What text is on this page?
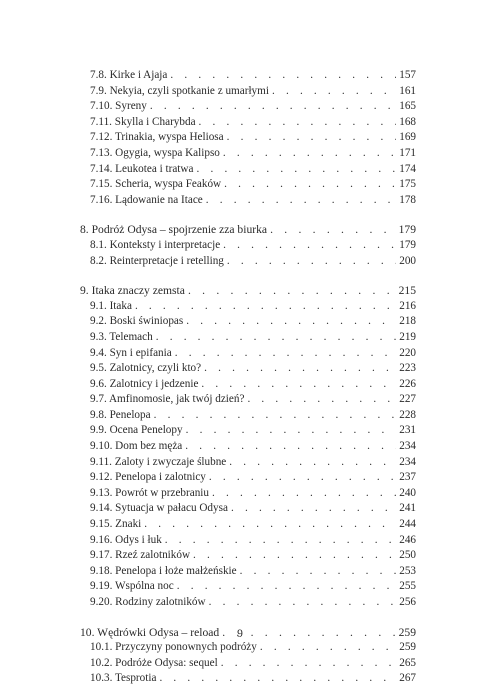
7.8. Kirke i Ajaja . . .	157
7.9. Nekyia, czyli spotkanie z umarłymi . . .	161
7.10. Syreny . . .	165
7.11. Skylla i Charybda . . .	168
7.12. Trinakia, wyspa Heliosa . . .	169
7.13. Ogygia, wyspa Kalipso . . .	171
7.14. Leukotea i tratwa . . .	174
7.15. Scheria, wyspa Feaków . . .	175
7.16. Lądowanie na Itace . . .	178
8. Podróż Odysa – spojrzenie zza biurka . . .	179
8.1. Konteksty i interpretacje . . .	179
8.2. Reinterpretacje i retelling . . .	200
9. Itaka znaczy zemsta . . .	215
9.1. Itaka . . .	216
9.2. Boski świniopas . . .	218
9.3. Telemach . . .	219
9.4. Syn i epifania . . .	220
9.5. Zalotnicy, czyli kto? . . .	223
9.6. Zalotnicy i jedzenie . . .	226
9.7. Amfinomosie, jak twój dzień? . . .	227
9.8. Penelopa . . .	228
9.9. Ocena Penelopy . . .	231
9.10. Dom bez męża . . .	234
9.11. Zaloty i zwyczaje ślubne . . .	234
9.12. Penelopa i zalotnicy . . .	237
9.13. Powrót w przebraniu . . .	240
9.14. Sytuacja w pałacu Odysa . . .	241
9.15. Znaki . . .	244
9.16. Odys i łuk . . .	246
9.17. Rzeź zalotników . . .	250
9.18. Penelopa i łoże małżeńskie . . .	253
9.19. Wspólna noc . . .	255
9.20. Rodziny zalotników . . .	256
10. Wędrówki Odysa – reload . . .	259
10.1. Przyczyny ponownych podróży . . .	259
10.2. Podróże Odysa: sequel . . .	265
10.3. Tesprotia . . .	267
9
